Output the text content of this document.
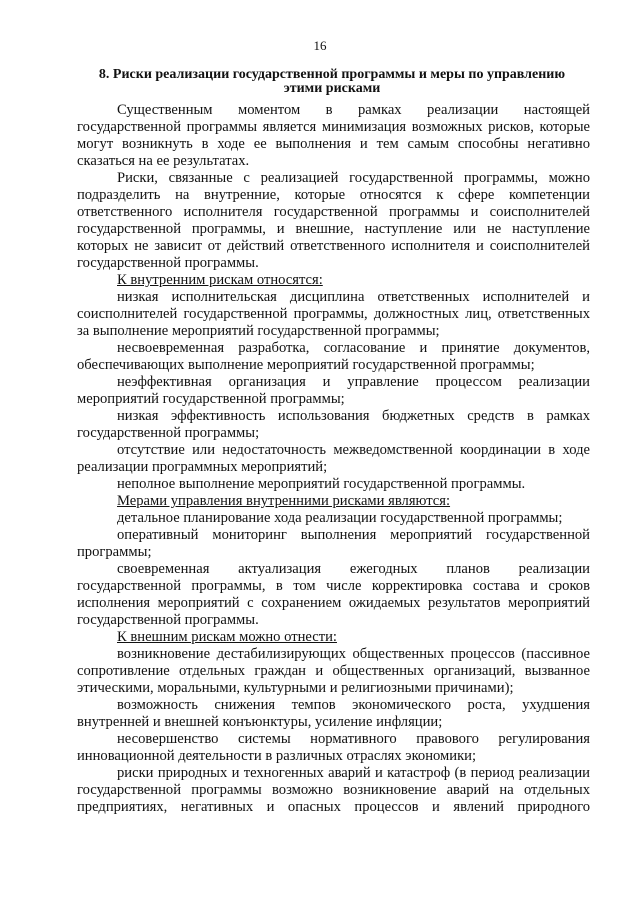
16
8. Риски реализации государственной программы и меры по управлению
этими рисками
Существенным моментом в рамках реализации настоящей
государственной программы является минимизация возможных рисков, которые
могут возникнуть в ходе ее выполнения и тем самым способны негативно
сказаться на ее результатах.
Риски, связанные с реализацией государственной программы, можно
подразделить на внутренние, которые относятся к сфере компетенции
ответственного исполнителя государственной программы и соисполнителей
государственной программы, и внешние, наступление или не наступление
которых не зависит от действий ответственного исполнителя и соисполнителей
государственной программы.
К внутренним рискам относятся:
низкая исполнительская дисциплина ответственных исполнителей и
соисполнителей государственной программы, должностных лиц, ответственных
за выполнение мероприятий государственной программы;
несвоевременная разработка, согласование и принятие документов,
обеспечивающих выполнение мероприятий государственной программы;
неэффективная организация и управление процессом реализации
мероприятий государственной программы;
низкая эффективность использования бюджетных средств в рамках
государственной программы;
отсутствие или недостаточность межведомственной координации в ходе
реализации программных мероприятий;
неполное выполнение мероприятий государственной программы.
Мерами управления внутренними рисками являются:
детальное планирование хода реализации государственной программы;
оперативный мониторинг выполнения мероприятий государственной
программы;
своевременная актуализация ежегодных планов реализации
государственной программы, в том числе корректировка состава и сроков
исполнения мероприятий с сохранением ожидаемых результатов мероприятий
государственной программы.
К внешним рискам можно отнести:
возникновение дестабилизирующих общественных процессов (пассивное
сопротивление отдельных граждан и общественных организаций, вызванное
этическими, моральными, культурными и религиозными причинами);
возможность снижения темпов экономического роста, ухудшения
внутренней и внешней конъюнктуры, усиление инфляции;
несовершенство системы нормативного правового регулирования
инновационной деятельности в различных отраслях экономики;
риски природных и техногенных аварий и катастроф (в период реализации
государственной программы возможно возникновение аварий на отдельных
предприятиях, негативных и опасных процессов и явлений природного
